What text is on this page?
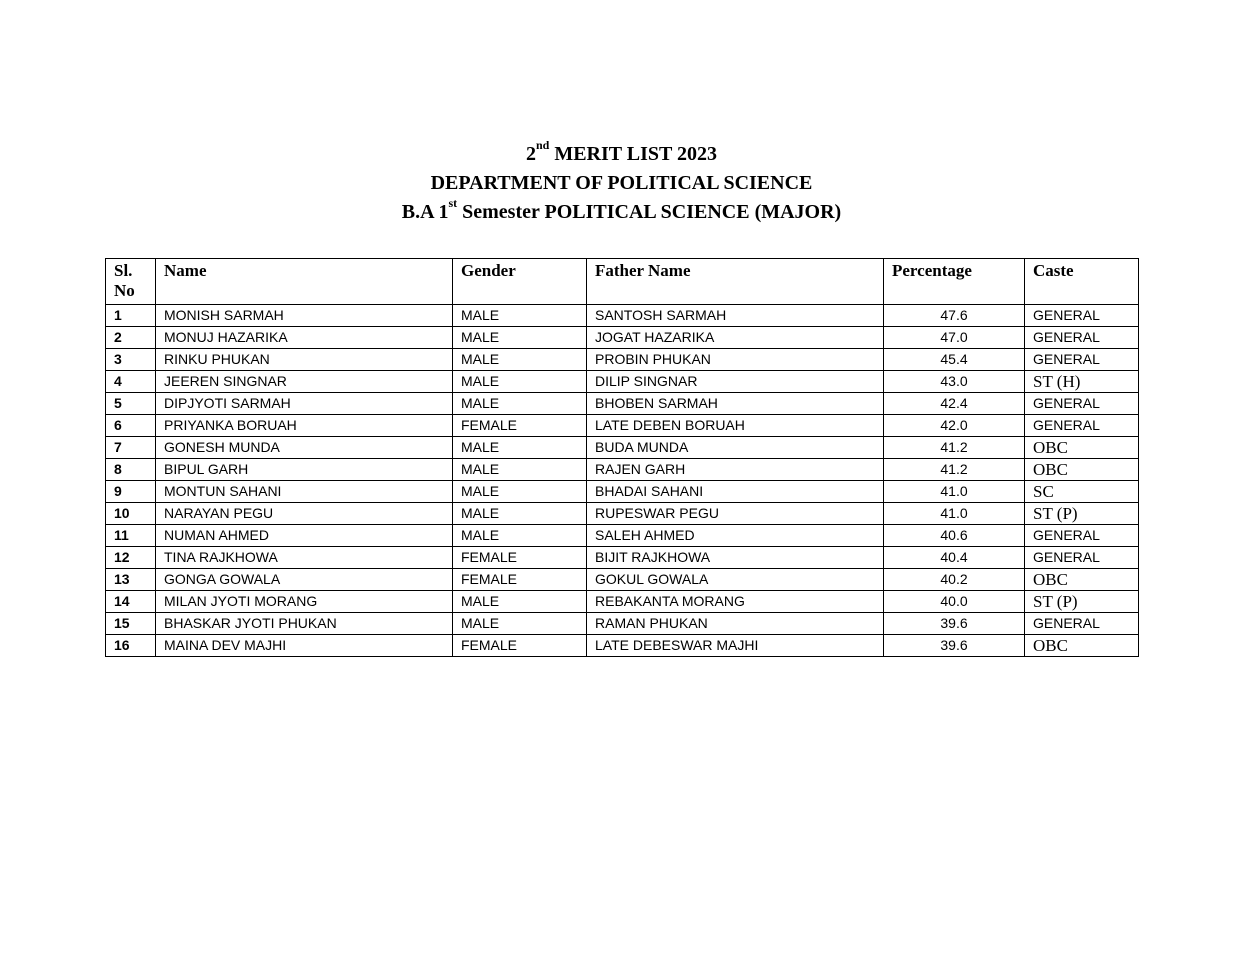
2nd MERIT LIST 2023
DEPARTMENT OF POLITICAL SCIENCE
B.A 1st Semester POLITICAL SCIENCE (MAJOR)
Sl.
No	Name	Gender	Father Name	Percentage	Caste
1	MONISH SARMAH	MALE	SANTOSH SARMAH	47.6	GENERAL
2	MONUJ HAZARIKA	MALE	JOGAT HAZARIKA	47.0	GENERAL
3	RINKU PHUKAN	MALE	PROBIN PHUKAN	45.4	GENERAL
4	JEEREN SINGNAR	MALE	DILIP SINGNAR	43.0	ST (H)
5	DIPJYOTI SARMAH	MALE	BHOBEN SARMAH	42.4	GENERAL
6	PRIYANKA BORUAH	FEMALE	LATE DEBEN BORUAH	42.0	GENERAL
7	GONESH MUNDA	MALE	BUDA MUNDA	41.2	OBC
8	BIPUL GARH	MALE	RAJEN GARH	41.2	OBC
9	MONTUN SAHANI	MALE	BHADAI SAHANI	41.0	SC
10	NARAYAN PEGU	MALE	RUPESWAR PEGU	41.0	ST (P)
11	NUMAN AHMED	MALE	SALEH AHMED	40.6	GENERAL
12	TINA RAJKHOWA	FEMALE	BIJIT RAJKHOWA	40.4	GENERAL
13	GONGA GOWALA	FEMALE	GOKUL GOWALA	40.2	OBC
14	MILAN JYOTI MORANG	MALE	REBAKANTA MORANG	40.0	ST (P)
15	BHASKAR JYOTI PHUKAN	MALE	RAMAN PHUKAN	39.6	GENERAL
16	MAINA DEV MAJHI	FEMALE	LATE DEBESWAR MAJHI	39.6	OBC
